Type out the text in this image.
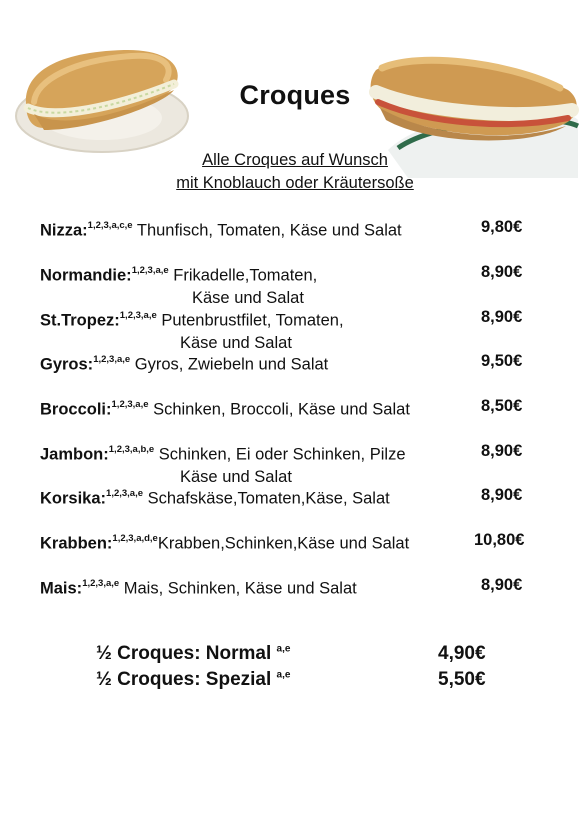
Croques
Alle Croques auf Wunsch
mit Knoblauch oder Kräutersoße
Nizza:$^{1,2,3,a,c,e}$ Thunfisch, Tomaten, Käse und Salat	9,80€
Normandie:$^{1,2,3,a,e}$ Frikadelle,Tomaten,
Käse und Salat
8,90€
St.Tropez:$^{1,2,3,a,e}$ Putenbrustfilet, Tomaten,
Käse und Salat
8,90€
Gyros:$^{1,2,3,a,e}$ Gyros, Zwiebeln und Salat	9,50€
Broccoli:$^{1,2,3,a,e}$ Schinken, Broccoli, Käse und Salat	8,50€
Jambon:$^{1,2,3,a,b,e}$ Schinken, Ei oder Schinken, Pilze
Käse und Salat
8,90€
Korsika:$^{1,2,3,a,e}$ Schafskäse,Tomaten,Käse, Salat	8,90€
Krabben:$^{1,2,3,a,d,e}$Krabben,Schinken,Käse und Salat	10,80€
Mais:$^{1,2,3,a,e}$ Mais, Schinken, Käse und Salat	8,90€
½ Croques: Normal $^{a,e}$	4,90€
½ Croques: Spezial $^{a,e}$	5,50€
